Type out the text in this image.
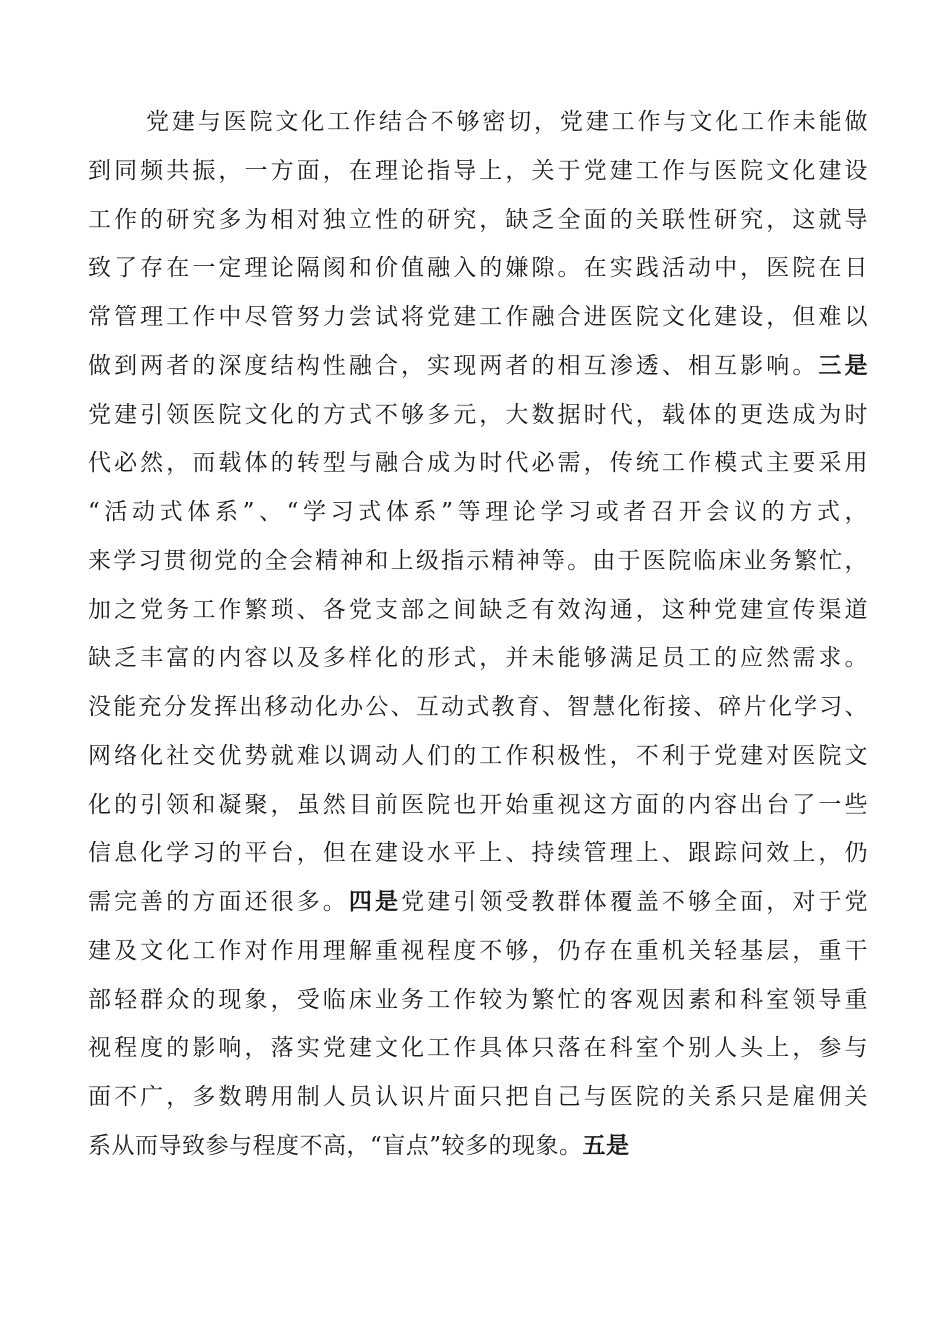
党建与医院文化工作结合不够密切，党建工作与文化工作未能做
到同频共振，一方面，在理论指导上，关于党建工作与医院文化建设
工作的研究多为相对独立性的研究，缺乏全面的关联性研究，这就导
致了存在一定理论隔阂和价值融入的嫌隙。在实践活动中，医院在日
常管理工作中尽管努力尝试将党建工作融合进医院文化建设，但难以
做到两者的深度结构性融合，实现两者的相互渗透、相互影响。三是
党建引领医院文化的方式不够多元，大数据时代，载体的更迭成为时
代必然，而载体的转型与融合成为时代必需，传统工作模式主要采用
“活动式体系”、“学习式体系”等理论学习或者召开会议的方式，
来学习贯彻党的全会精神和上级指示精神等。由于医院临床业务繁忙，
加之党务工作繁琐、各党支部之间缺乏有效沟通，这种党建宣传渠道
缺乏丰富的内容以及多样化的形式，并未能够满足员工的应然需求。
没能充分发挥出移动化办公、互动式教育、智慧化衔接、碎片化学习、
网络化社交优势就难以调动人们的工作积极性，不利于党建对医院文
化的引领和凝聚，虽然目前医院也开始重视这方面的内容出台了一些
信息化学习的平台，但在建设水平上、持续管理上、跟踪问效上，仍
需完善的方面还很多。四是党建引领受教群体覆盖不够全面，对于党
建及文化工作对作用理解重视程度不够，仍存在重机关轻基层，重干
部轻群众的现象，受临床业务工作较为繁忙的客观因素和科室领导重
视程度的影响，落实党建文化工作具体只落在科室个别人头上，参与
面不广，多数聘用制人员认识片面只把自己与医院的关系只是雇佣关
系从而导致参与程度不高，“盲点”较多的现象。五是
